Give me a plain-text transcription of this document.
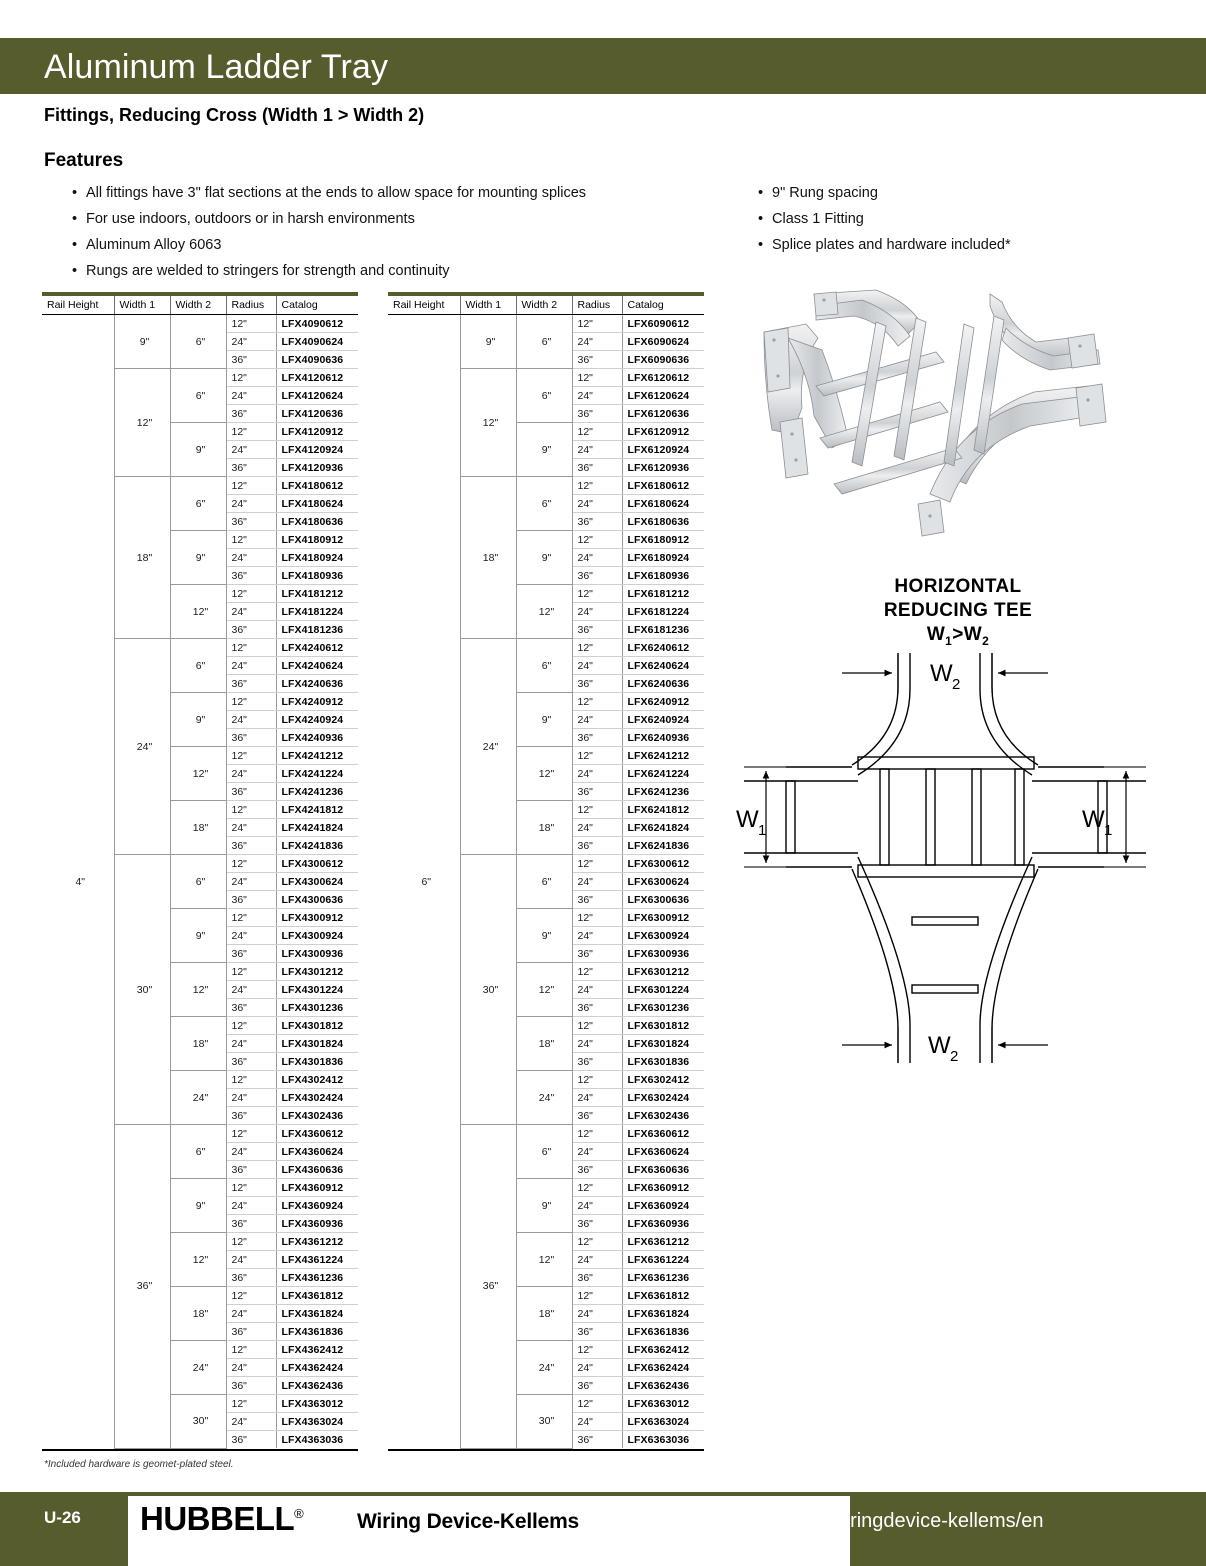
Aluminum Ladder Tray
Fittings, Reducing Cross (Width 1 > Width 2)
Features
• All fittings have 3" flat sections at the ends to allow space for mounting splices
• For use indoors, outdoors or in harsh environments
• Aluminum Alloy 6063
• Rungs are welded to stringers for strength and continuity
• 9" Rung spacing
• Class 1 Fitting
• Splice plates and hardware included*
Rail Height	Width 1	Width 2	Radius	Catalog
4"	9"	6"	12"	LFX4090612
			24"	LFX4090624
			36"	LFX4090636
	12"	6"	12"	LFX4120612
			24"	LFX4120624
			36"	LFX4120636
		9"	12"	LFX4120912
			24"	LFX4120924
			36"	LFX4120936
	18"	6"	12"	LFX4180612
			24"	LFX4180624
			36"	LFX4180636
		9"	12"	LFX4180912
			24"	LFX4180924
			36"	LFX4180936
		12"	12"	LFX4181212
			24"	LFX4181224
			36"	LFX4181236
	24"	6"	12"	LFX4240612
			24"	LFX4240624
			36"	LFX4240636
		9"	12"	LFX4240912
			24"	LFX4240924
			36"	LFX4240936
		12"	12"	LFX4241212
			24"	LFX4241224
			36"	LFX4241236
		18"	12"	LFX4241812
			24"	LFX4241824
			36"	LFX4241836
	30"	6"	12"	LFX4300612
			24"	LFX4300624
			36"	LFX4300636
		9"	12"	LFX4300912
			24"	LFX4300924
			36"	LFX4300936
		12"	12"	LFX4301212
			24"	LFX4301224
			36"	LFX4301236
		18"	12"	LFX4301812
			24"	LFX4301824
			36"	LFX4301836
		24"	12"	LFX4302412
			24"	LFX4302424
			36"	LFX4302436
	36"	6"	12"	LFX4360612
			24"	LFX4360624
			36"	LFX4360636
		9"	12"	LFX4360912
			24"	LFX4360924
			36"	LFX4360936
		12"	12"	LFX4361212
			24"	LFX4361224
			36"	LFX4361236
		18"	12"	LFX4361812
			24"	LFX4361824
			36"	LFX4361836
		24"	12"	LFX4362412
			24"	LFX4362424
			36"	LFX4362436
		30"	12"	LFX4363012
			24"	LFX4363024
			36"	LFX4363036
Rail Height	Width 1	Width 2	Radius	Catalog
6"	9"	6"	12"	LFX6090612
			24"	LFX6090624
			36"	LFX6090636
	12"	6"	12"	LFX6120612
			24"	LFX6120624
			36"	LFX6120636
		9"	12"	LFX6120912
			24"	LFX6120924
			36"	LFX6120936
	18"	6"	12"	LFX6180612
			24"	LFX6180624
			36"	LFX6180636
		9"	12"	LFX6180912
			24"	LFX6180924
			36"	LFX6180936
		12"	12"	LFX6181212
			24"	LFX6181224
			36"	LFX6181236
	24"	6"	12"	LFX6240612
			24"	LFX6240624
			36"	LFX6240636
		9"	12"	LFX6240912
			24"	LFX6240924
			36"	LFX6240936
		12"	12"	LFX6241212
			24"	LFX6241224
			36"	LFX6241236
		18"	12"	LFX6241812
			24"	LFX6241824
			36"	LFX6241836
	30"	6"	12"	LFX6300612
			24"	LFX6300624
			36"	LFX6300636
		9"	12"	LFX6300912
			24"	LFX6300924
			36"	LFX6300936
		12"	12"	LFX6301212
			24"	LFX6301224
			36"	LFX6301236
		18"	12"	LFX6301812
			24"	LFX6301824
			36"	LFX6301836
		24"	12"	LFX6302412
			24"	LFX6302424
			36"	LFX6302436
	36"	6"	12"	LFX6360612
			24"	LFX6360624
			36"	LFX6360636
		9"	12"	LFX6360912
			24"	LFX6360924
			36"	LFX6360936
		12"	12"	LFX6361212
			24"	LFX6361224
			36"	LFX6361236
		18"	12"	LFX6361812
			24"	LFX6361824
			36"	LFX6361836
		24"	12"	LFX6362412
			24"	LFX6362424
			36"	LFX6362436
		30"	12"	LFX6363012
			24"	LFX6363024
			36"	LFX6363036
*Included hardware is geomet-plated steel.
HORIZONTAL
REDUCING TEE
$W_1>W_2$
W 2
W 1	W 1
W 2
U-26 HUBBELL®	Wiring Device-Kellems	www.hubbell.com/wiringdevice-kellems/en
